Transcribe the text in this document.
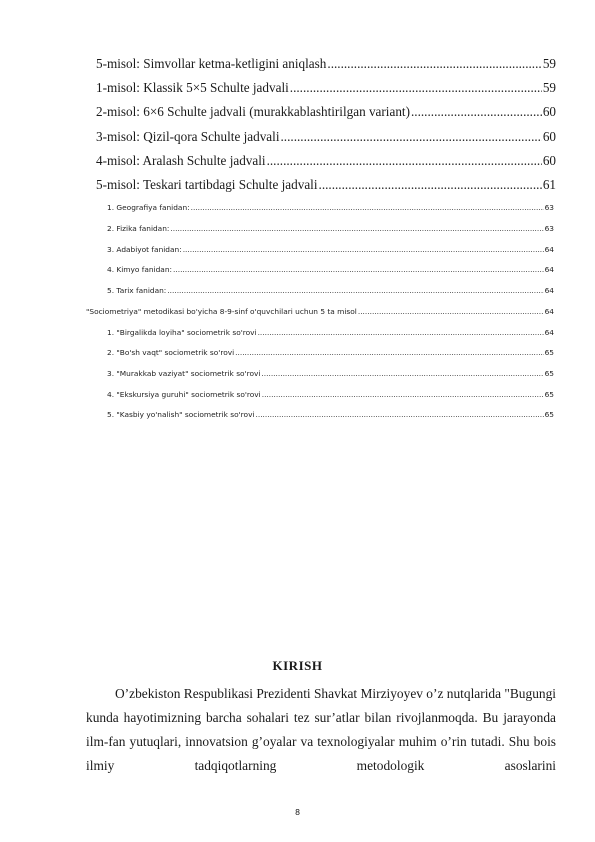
5-misol: Simvollar ketma-ketligini aniqlash .....	59
1-misol: Klassik 5×5 Schulte jadvali .....	59
2-misol: 6×6 Schulte jadvali (murakkablashtirilgan variant) .....	60
3-misol: Qizil-qora Schulte jadvali .....	60
4-misol: Aralash Schulte jadvali .....	60
5-misol: Teskari tartibdagi Schulte jadvali .....	61
1. Geografiya fanidan: .....	63
2. Fizika fanidan: .....	63
3. Adabiyot fanidan: .....	64
4. Kimyo fanidan: .....	64
5. Tarix fanidan: .....	64
"Sociometriya" metodikasi bo'yicha 8-9-sinf o'quvchilari uchun 5 ta misol .....	64
1. "Birgalikda loyiha" sociometrik so'rovi .....	64
2. "Bo'sh vaqt" sociometrik so'rovi .....	65
3. "Murakkab vaziyat" sociometrik so'rovi .....	65
4. "Ekskursiya guruhi" sociometrik so'rovi .....	65
5. "Kasbiy yo'nalish" sociometrik so'rovi .....	65
KIRISH

O’zbekiston Respublikasi Prezidenti Shavkat Mirziyoyev o’z nutqlarida "Bugungi kunda hayotimizning barcha sohalari tez sur’atlar bilan rivojlanmoqda. Bu jarayonda ilm-fan yutuqlari, innovatsion g’oyalar va texnologiyalar muhim o’rin tutadi. Shu bois ilmiy tadqiqotlarning metodologik asoslarini

8
